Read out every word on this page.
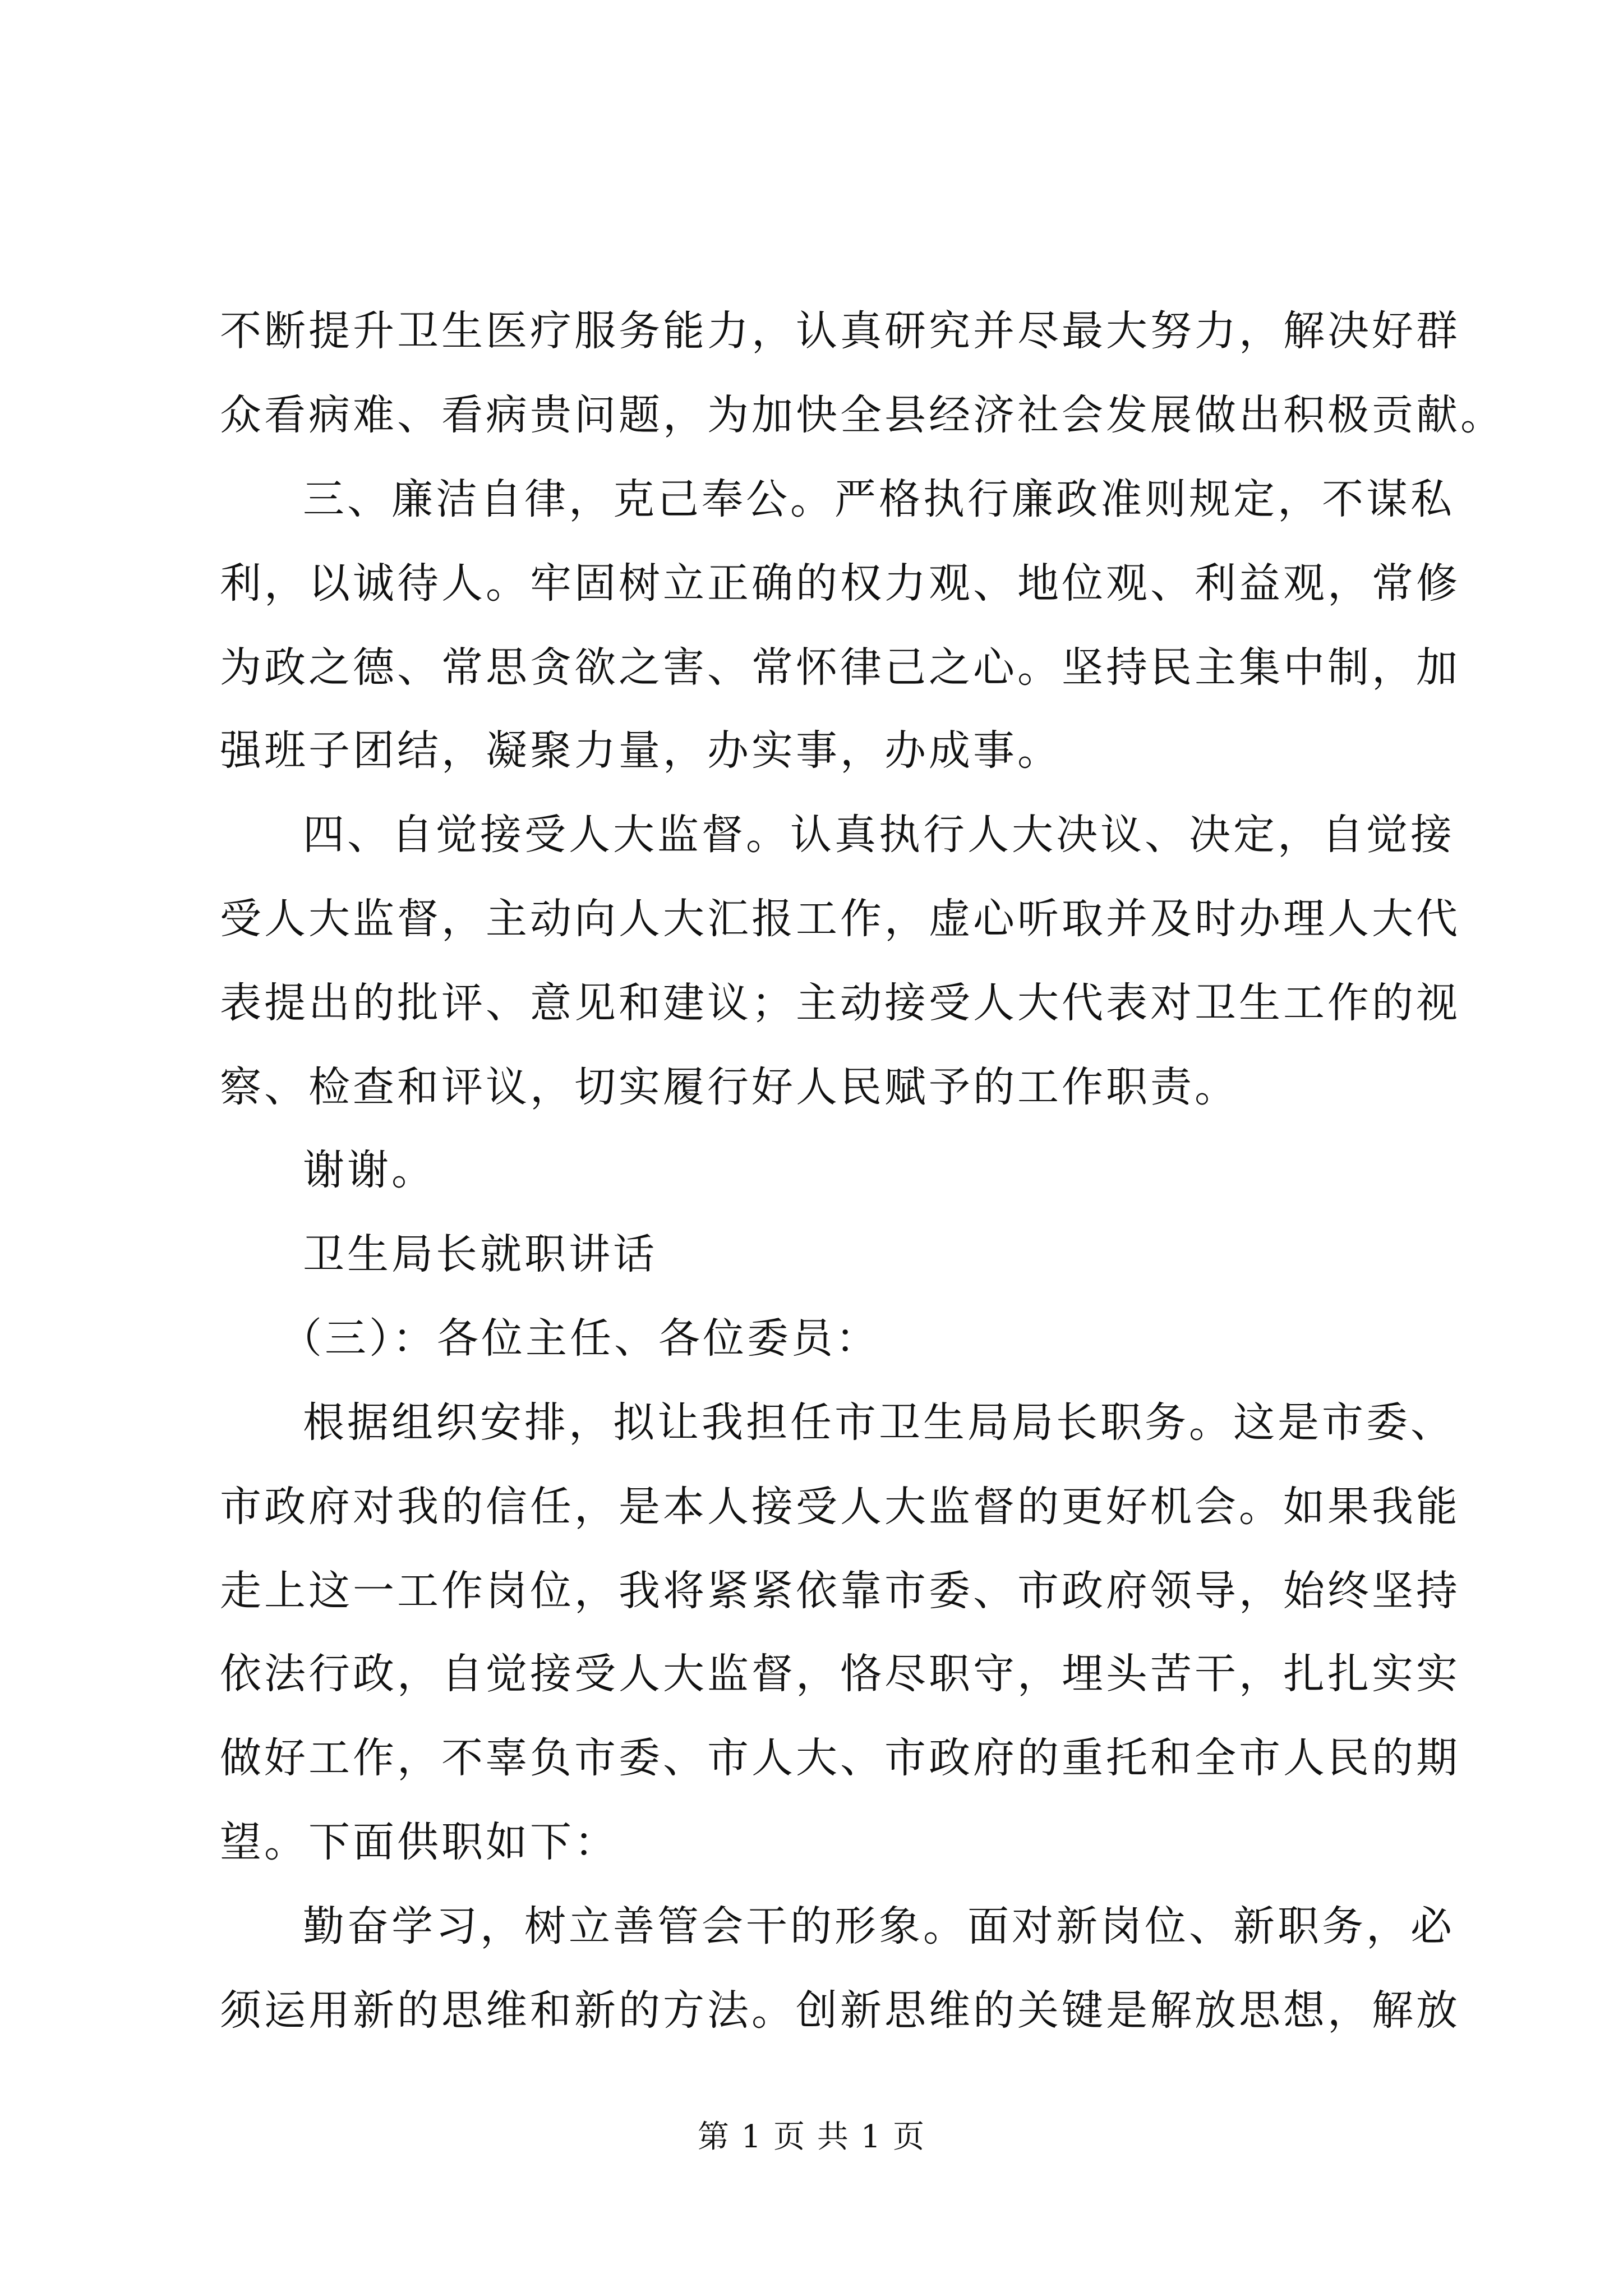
不断提升卫生医疗服务能力，认真研究并尽最大努力，解决好群
众看病难、看病贵问题，为加快全县经济社会发展做出积极贡献。
三、廉洁自律，克己奉公。严格执行廉政准则规定，不谋私
利，以诚待人。牢固树立正确的权力观、地位观、利益观，常修
为政之德、常思贪欲之害、常怀律己之心。坚持民主集中制，加
强班子团结，凝聚力量，办实事，办成事。
四、自觉接受人大监督。认真执行人大决议、决定，自觉接
受人大监督，主动向人大汇报工作，虚心听取并及时办理人大代
表提出的批评、意见和建议；主动接受人大代表对卫生工作的视
察、检查和评议，切实履行好人民赋予的工作职责。
谢谢。
卫生局长就职讲话
（三）：各位主任、各位委员：
根据组织安排，拟让我担任市卫生局局长职务。这是市委、
市政府对我的信任，是本人接受人大监督的更好机会。如果我能
走上这一工作岗位，我将紧紧依靠市委、市政府领导，始终坚持
依法行政，自觉接受人大监督，恪尽职守，埋头苦干，扎扎实实
做好工作，不辜负市委、市人大、市政府的重托和全市人民的期
望。下面供职如下：
勤奋学习，树立善管会干的形象。面对新岗位、新职务，必
须运用新的思维和新的方法。创新思维的关键是解放思想，解放
第 1 页 共 1 页
